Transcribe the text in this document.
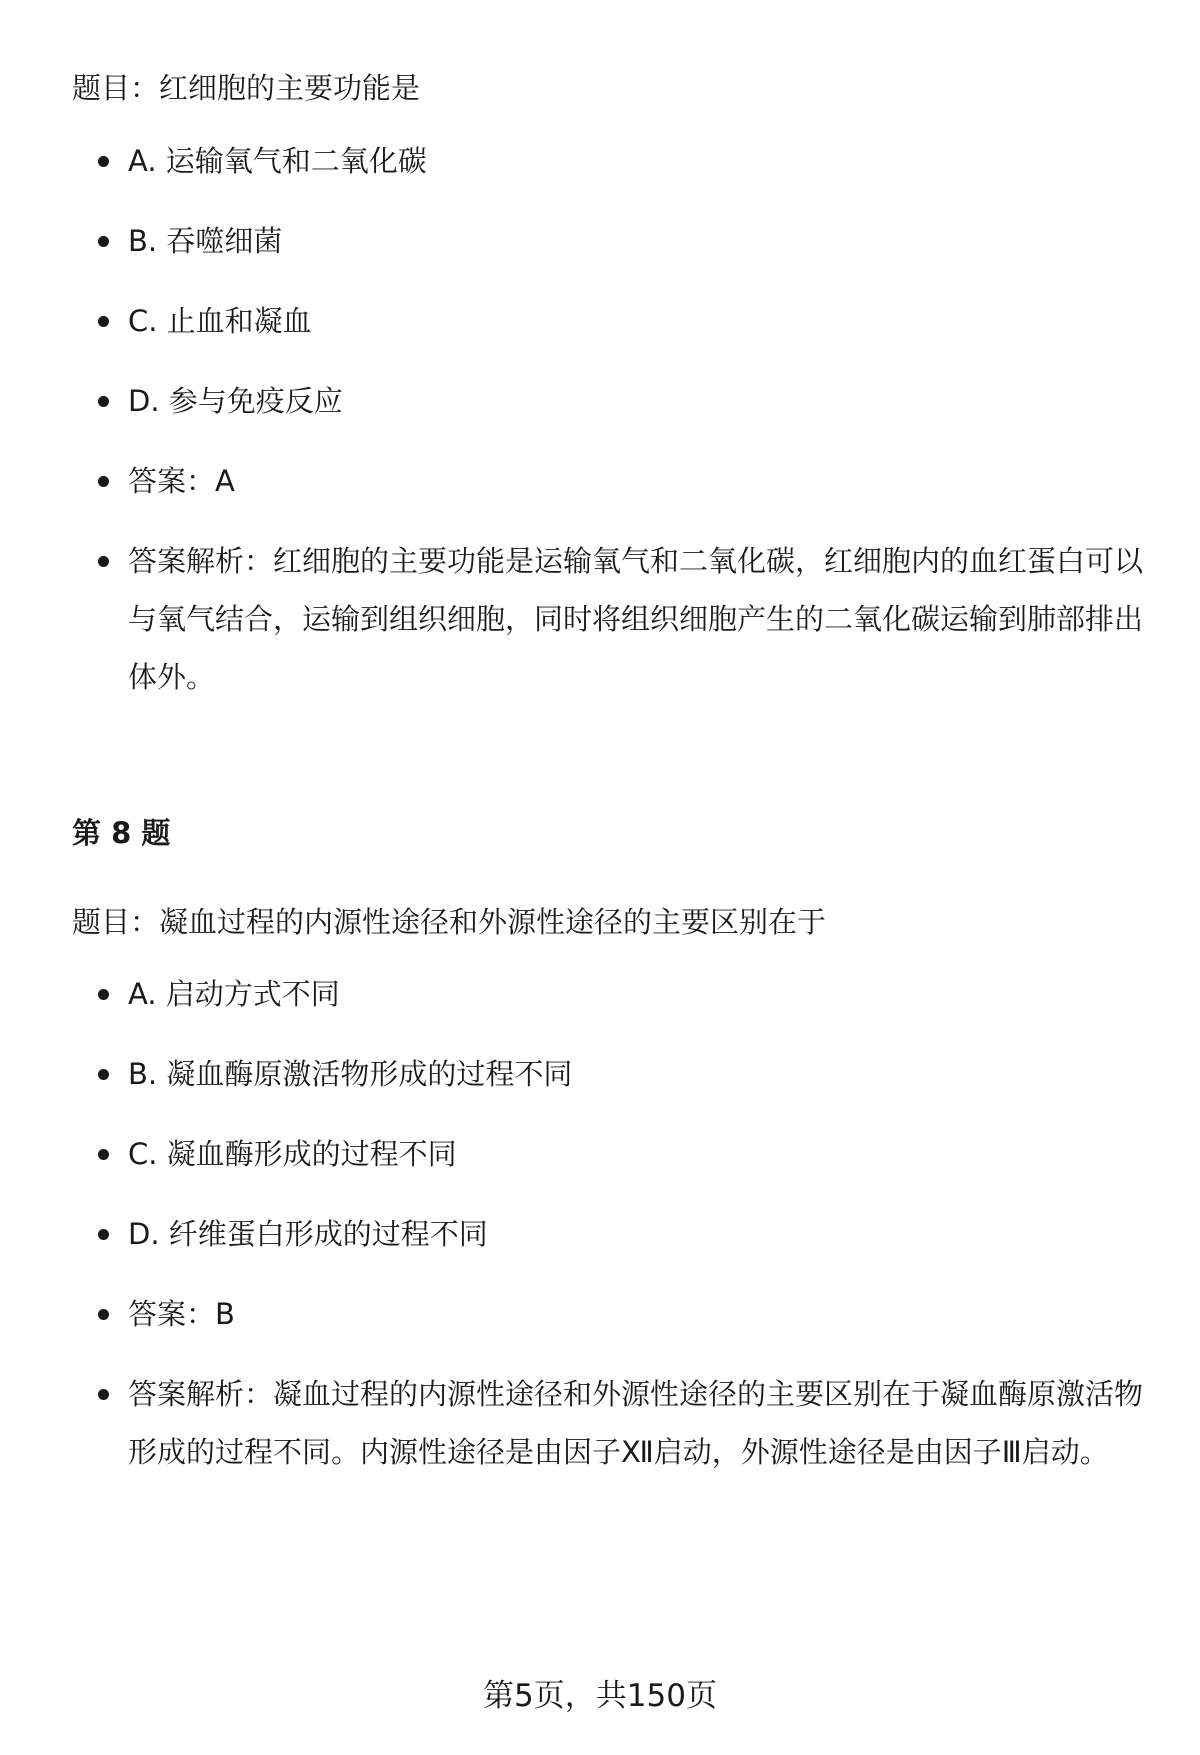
题目：红细胞的主要功能是
A. 运输氧气和二氧化碳
B. 吞噬细菌
C. 止血和凝血
D. 参与免疫反应
答案：A
答案解析：红细胞的主要功能是运输氧气和二氧化碳，红细胞内的血红蛋白可以与氧气结合，运输到组织细胞，同时将组织细胞产生的二氧化碳运输到肺部排出体外。
第 8 题
题目：凝血过程的内源性途径和外源性途径的主要区别在于
A. 启动方式不同
B. 凝血酶原激活物形成的过程不同
C. 凝血酶形成的过程不同
D. 纤维蛋白形成的过程不同
答案：B
答案解析：凝血过程的内源性途径和外源性途径的主要区别在于凝血酶原激活物形成的过程不同。内源性途径是由因子Ⅻ启动，外源性途径是由因子Ⅲ启动。
第5页，共150页
